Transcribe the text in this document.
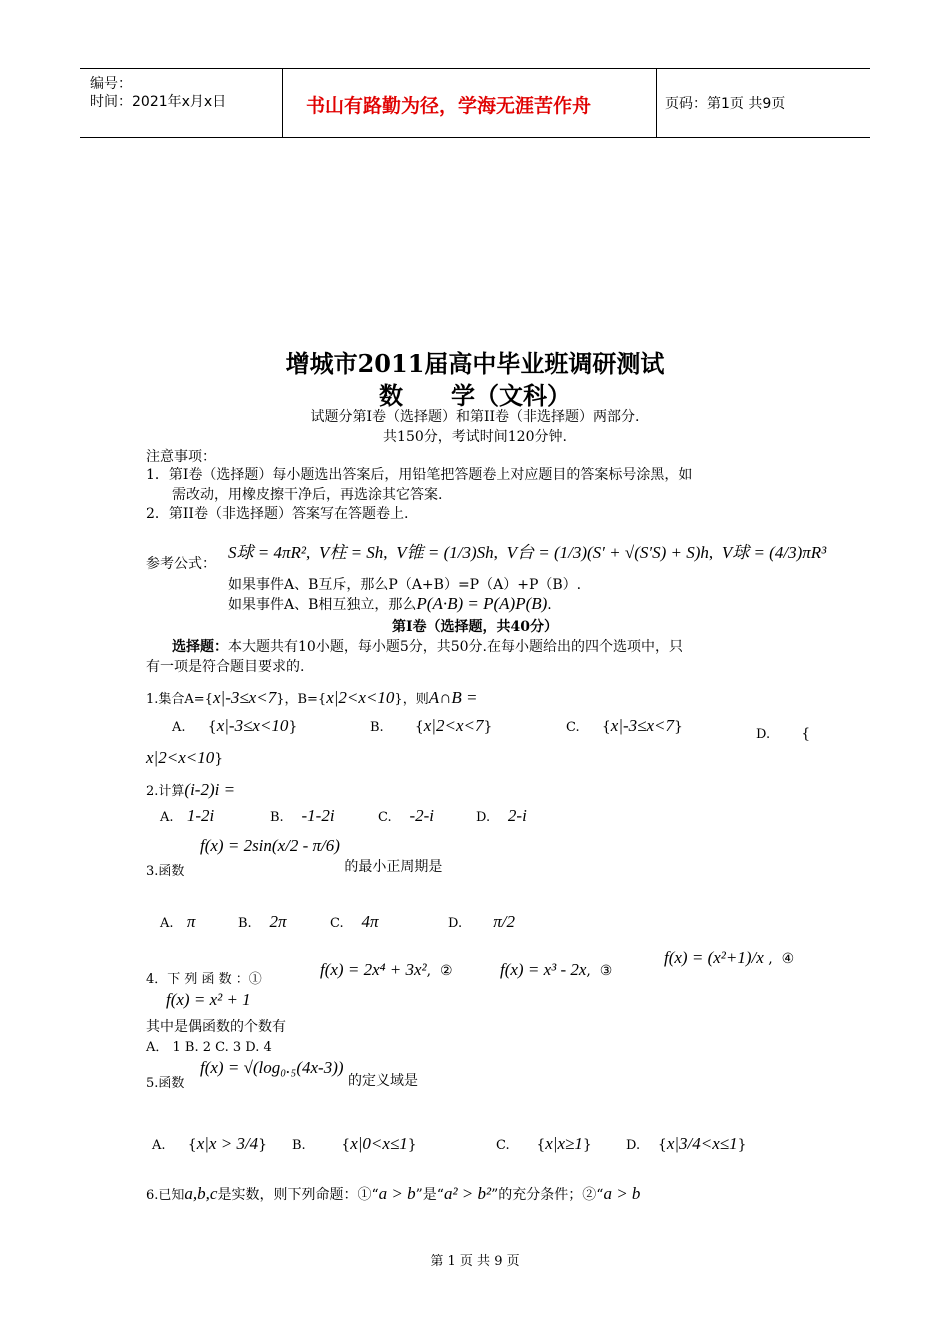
编号：
时间：2021年x月x日	书山有路勤为径，学海无涯苦作舟	页码：第1页 共9页
增城市2011届高中毕业班调研测试
数　　学（文科）
试题分第Ⅰ卷（选择题）和第II卷（非选择题）两部分.
共150分，考试时间120分钟.
注意事项：
1．第Ⅰ卷（选择题）每小题选出答案后，用铅笔把答题卷上对应题目的答案标号涂黑，如
需改动，用橡皮擦干净后，再选涂其它答案.
2．第II卷（非选择题）答案写在答题卷上.
参考公式：
S球 = 4πR²,  V柱 = Sh,  V锥 = (1/3)Sh,  V台 = (1/3)(S′ + √(S′S) + S)h,  V球 = (4/3)πR³
如果事件A、B互斥，那么P（A+B）=P（A）+P（B）.
如果事件A、B相互独立，那么P(A·B) = P(A)P(B).
第Ⅰ卷（选择题，共40分）
选择题：本大题共有10小题，每小题5分，共50分.在每小题给出的四个选项中，只
有一项是符合题目要求的.
1.集合A={x|-3≤x<7}，B={x|2<x<10}，则A∩B =
A.     {x|-3≤x<10}	B.       {x|2<x<7}	C.     {x|-3≤x<7}	D.       {
x|2<x<10}
2.计算(i-2)i =
A. 1-2i	B. -1-2i	C. -2-i	D. 2-i
3.函数
f(x) = 2sin(x/2 - π/6) 的最小正周期是
A. π	B. 2π	C. 4π	D. π/2
4．下 列 函 数 ：①
f(x) = 2x⁴ + 3x²,  ②	f(x) = x³ - 2x,  ③
f(x) = (x²+1)/x ,  ④
f(x) = x² + 1
其中是偶函数的个数有
A． 1 B. 2 C. 3 D. 4
5.函数
f(x) = √(log₀.₅(4x-3)) 的定义域是
A.     {x|x > 3/4} B.        {x|0<x≤1}	C.      {x|x≥1}	D.    {x|3/4<x≤1}
6.已知a,b,c是实数，则下列命题：①“a > b”是“a² > b²”的充分条件；②“a > b
第 1 页 共 9 页
